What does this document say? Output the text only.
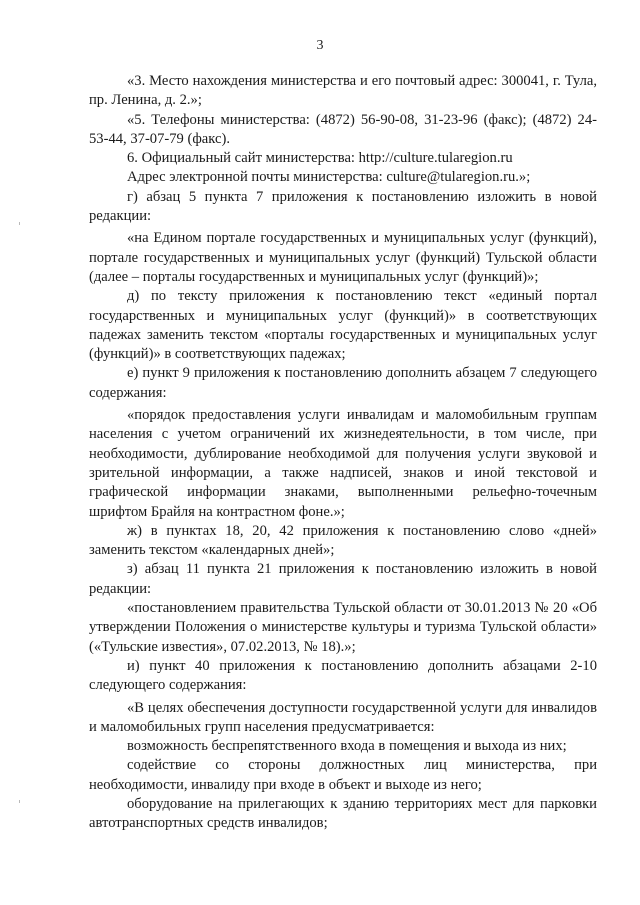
3

«3. Место нахождения министерства и его почтовый адрес: 300041, г. Тула, пр. Ленина, д. 2.»;

«5. Телефоны министерства: (4872) 56-90-08, 31-23-96 (факс); (4872) 24-53-44, 37-07-79 (факс).

6. Официальный сайт министерства: http://culture.tularegion.ru

Адрес электронной почты министерства: culture@tularegion.ru.»;

г) абзац 5 пункта 7 приложения к постановлению изложить в новой редакции:

«на Едином портале государственных и муниципальных услуг (функций), портале государственных и муниципальных услуг (функций) Тульской области (далее – порталы государственных и муниципальных услуг (функций)»;

д) по тексту приложения к постановлению текст «единый портал государственных и муниципальных услуг (функций)» в соответствующих падежах заменить текстом «порталы государственных и муниципальных услуг (функций)» в соответствующих падежах;

е) пункт 9 приложения к постановлению дополнить абзацем 7 следующего содержания:

«порядок предоставления услуги инвалидам и маломобильным группам населения с учетом ограничений их жизнедеятельности, в том числе, при необходимости, дублирование необходимой для получения услуги звуковой и зрительной информации, а также надписей, знаков и иной текстовой и графической информации знаками, выполненными рельефно-точечным шрифтом Брайля на контрастном фоне.»;

ж) в пунктах 18, 20, 42 приложения к постановлению слово «дней» заменить текстом «календарных дней»;

з) абзац 11 пункта 21 приложения к постановлению изложить в новой редакции:

«постановлением правительства Тульской области от 30.01.2013 № 20 «Об утверждении Положения о министерстве культуры и туризма Тульской области» («Тульские известия», 07.02.2013, № 18).»;

и) пункт 40 приложения к постановлению дополнить абзацами 2-10 следующего содержания:

«В целях обеспечения доступности государственной услуги для инвалидов и маломобильных групп населения предусматривается:

возможность беспрепятственного входа в помещения и выхода из них;

содействие со стороны должностных лиц министерства, при необходимости, инвалиду при входе в объект и выходе из него;

оборудование на прилегающих к зданию территориях мест для парковки автотранспортных средств инвалидов;
